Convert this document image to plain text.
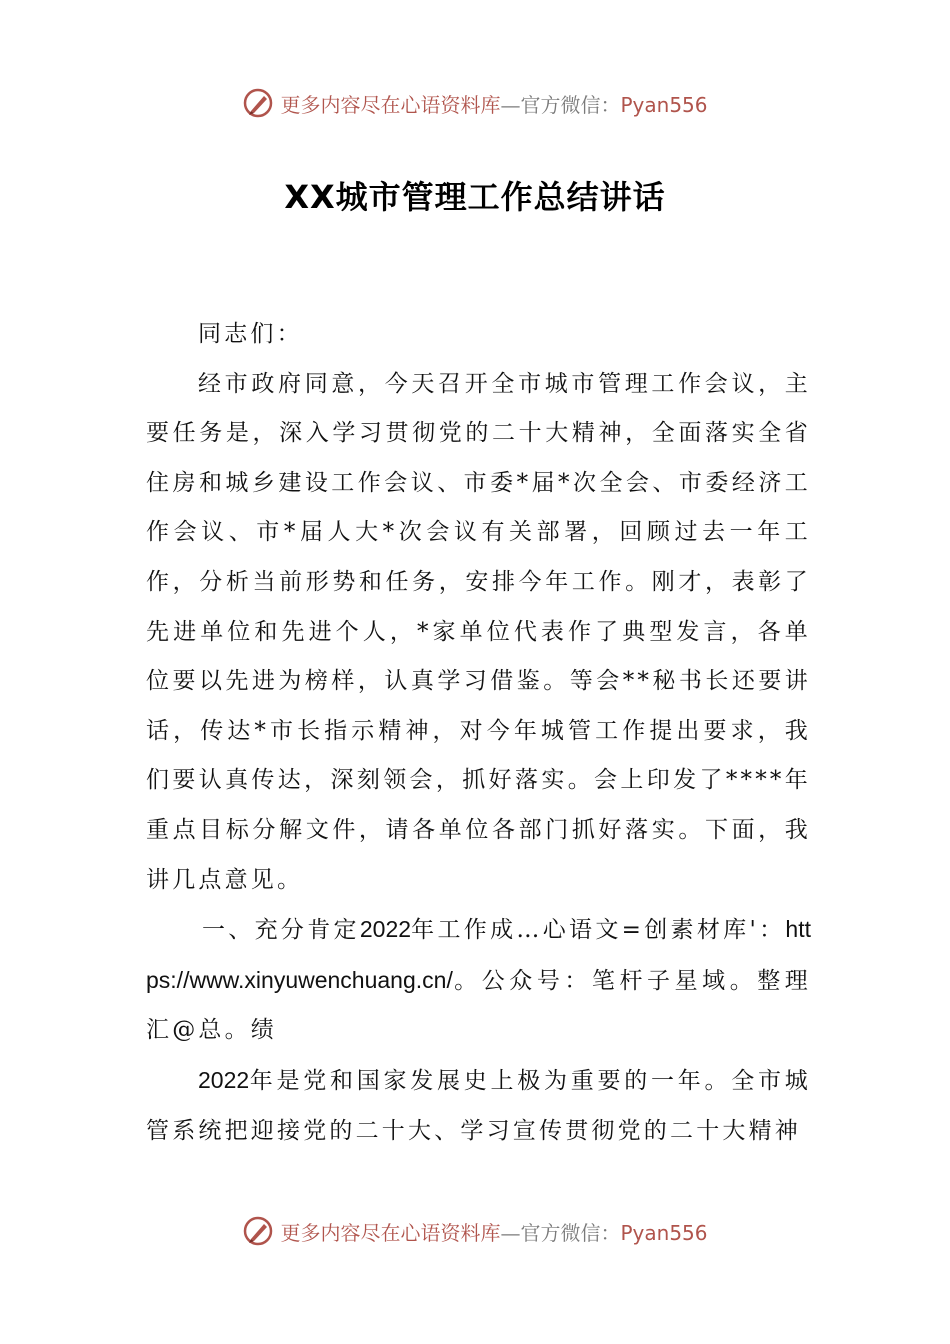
更多内容尽在心语资料库—官方微信：Pyan556
XX城市管理工作总结讲话

同志们：

经市政府同意，今天召开全市城市管理工作会议，主要任务是，深入学习贯彻党的二十大精神，全面落实全省住房和城乡建设工作会议、市委*届*次全会、市委经济工作会议、市*届人大*次会议有关部署，回顾过去一年工作，分析当前形势和任务，安排今年工作。刚才，表彰了先进单位和先进个人，*家单位代表作了典型发言，各单位要以先进为榜样，认真学习借鉴。等会**秘书长还要讲话，传达*市长指示精神，对今年城管工作提出要求，我们要认真传达，深刻领会，抓好落实。会上印发了****年重点目标分解文件，请各单位各部门抓好落实。下面，我讲几点意见。

一、充分肯定2022年工作成…心语文=创素材库'：https://www.xinyuwenchuang.cn/。公众号：笔杆子星域。整理汇@总。绩

2022年是党和国家发展史上极为重要的一年。全市城管系统把迎接党的二十大、学习宣传贯彻党的二十大精神

更多内容尽在心语资料库—官方微信：Pyan556
